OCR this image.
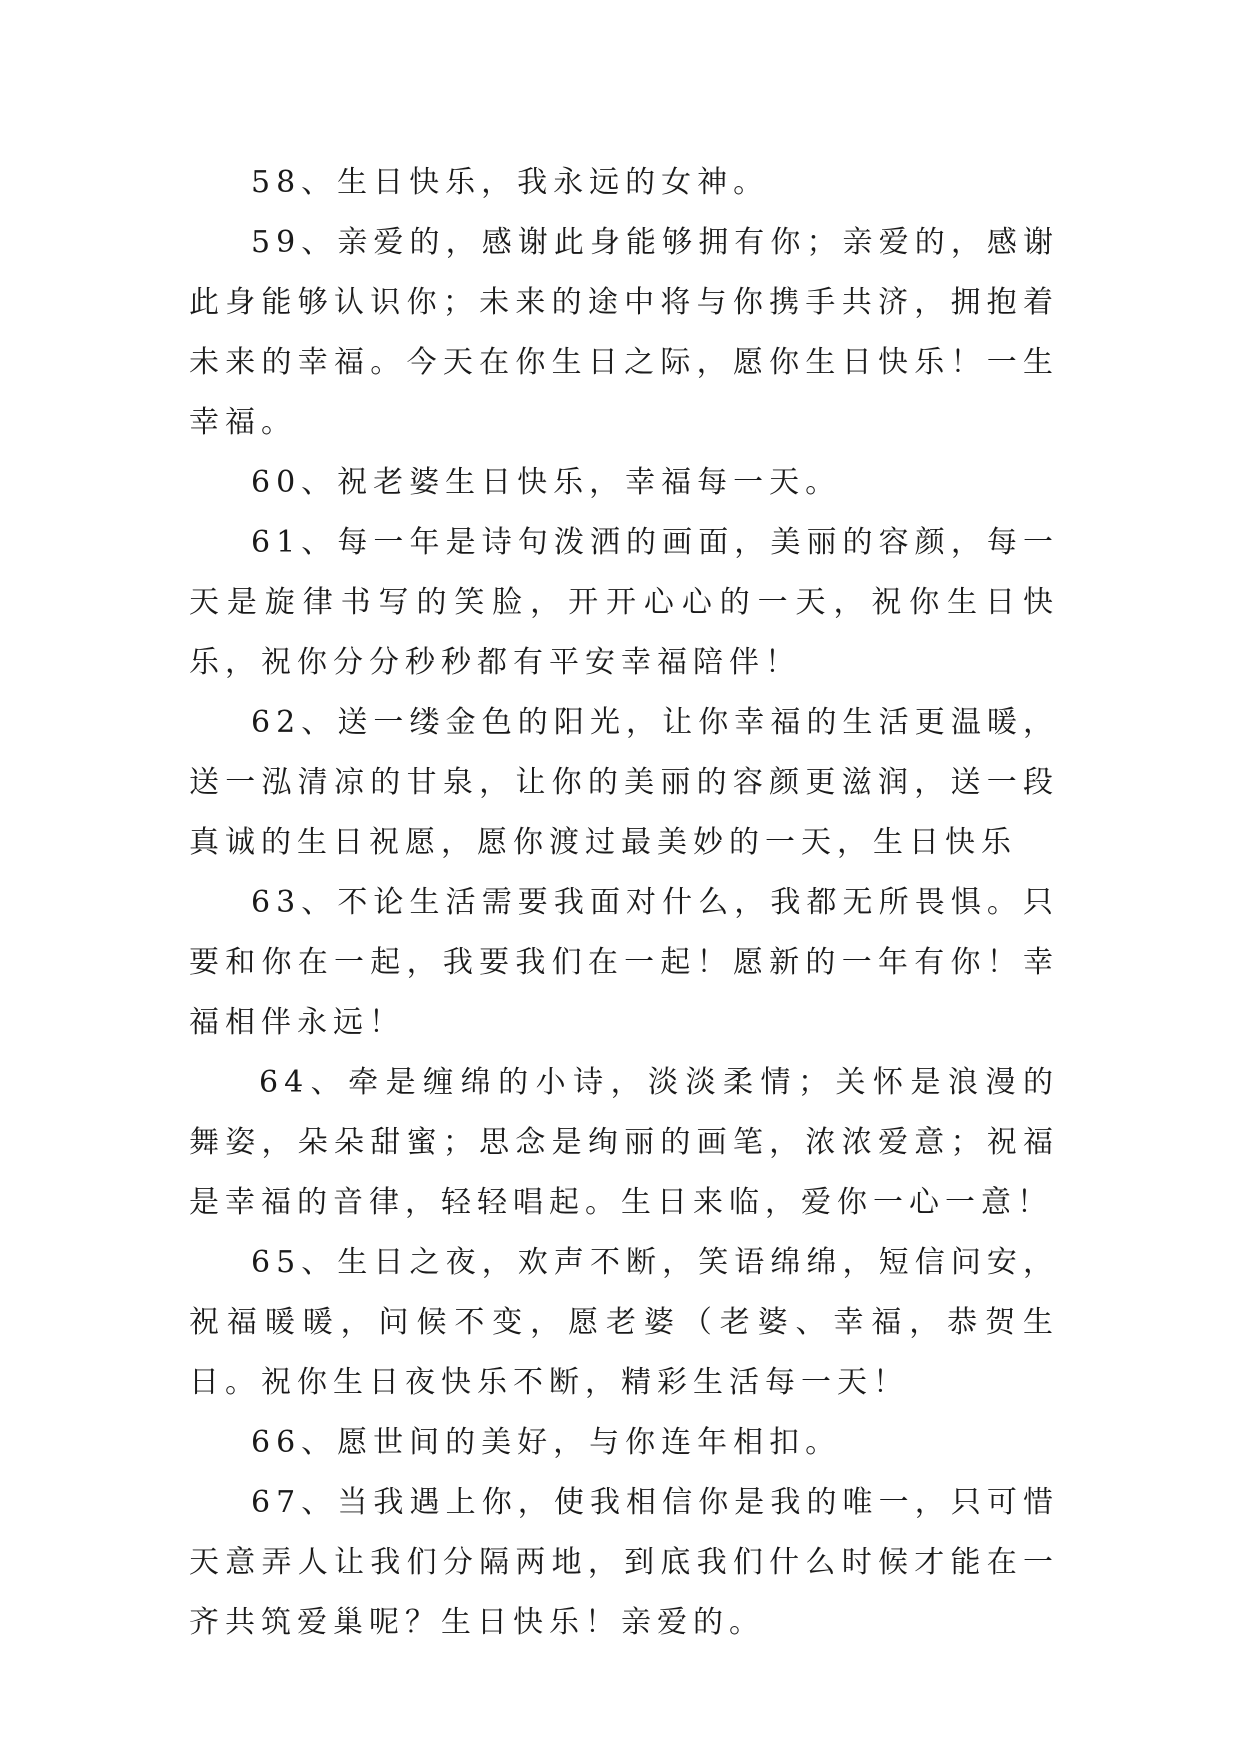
58、生日快乐，我永远的女神。

59、亲爱的，感谢此身能够拥有你；亲爱的，感谢此身能够认识你；未来的途中将与你携手共济，拥抱着未来的幸福。今天在你生日之际，愿你生日快乐！一生幸福。

60、祝老婆生日快乐，幸福每一天。

61、每一年是诗句泼洒的画面，美丽的容颜，每一天是旋律书写的笑脸，开开心心的一天，祝你生日快乐，祝你分分秒秒都有平安幸福陪伴！

62、送一缕金色的阳光，让你幸福的生活更温暖，送一泓清凉的甘泉，让你的美丽的容颜更滋润，送一段真诚的生日祝愿，愿你渡过最美妙的一天，生日快乐

63、不论生活需要我面对什么，我都无所畏惧。只要和你在一起，我要我们在一起！愿新的一年有你！幸福相伴永远！

64、牵是缠绵的小诗，淡淡柔情；关怀是浪漫的舞姿，朵朵甜蜜；思念是绚丽的画笔，浓浓爱意；祝福是幸福的音律，轻轻唱起。生日来临，爱你一心一意！

65、生日之夜，欢声不断，笑语绵绵，短信问安，祝福暖暖，问候不变，愿老婆（老婆、幸福，恭贺生日。祝你生日夜快乐不断，精彩生活每一天！

66、愿世间的美好，与你连年相扣。

67、当我遇上你，使我相信你是我的唯一，只可惜天意弄人让我们分隔两地，到底我们什么时候才能在一齐共筑爱巢呢？生日快乐！亲爱的。
